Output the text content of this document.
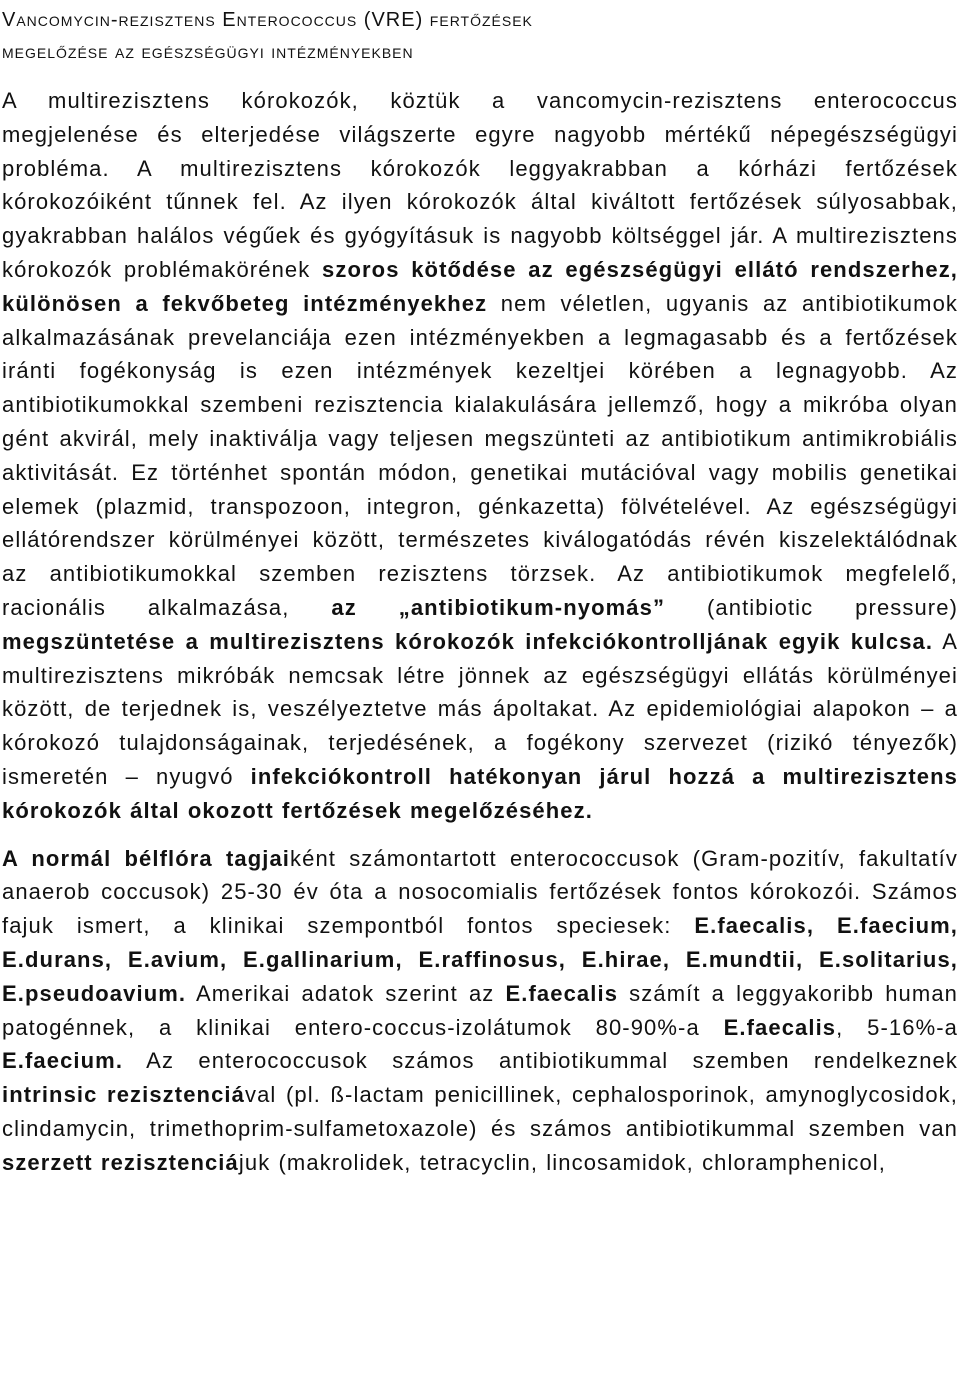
Vancomycin-rezisztens Enterococcus (VRE) fertőzések
megelőzése az egészségügyi intézményekben

A multirezisztens kórokozók, köztük a vancomycin-rezisztens enterococcus megjelenése és elterjedése világszerte egyre nagyobb mértékű népegészségügyi probléma. A multirezisztens kórokozók leggyakrabban a kórházi fertőzések kórokozóiként tűnnek fel. Az ilyen kórokozók által kiváltott fertőzések súlyosabbak, gyakrabban halálos végűek és gyógyításuk is nagyobb költséggel jár. A multirezisztens kórokozók problémakörének szoros kötődése az egészségügyi ellátó rendszerhez, különösen a fekvőbeteg intézményekhez nem véletlen, ugyanis az antibiotikumok alkalmazásának prevelanciája ezen intézményekben a legmagasabb és a fertőzések iránti fogékonyság is ezen intézmények kezeltjei körében a legnagyobb. Az antibiotikumokkal szembeni rezisztencia kialakulására jellemző, hogy a mikróba olyan gént akvirál, mely inaktiválja vagy teljesen megszünteti az antibiotikum antimikrobiális aktivitását. Ez történhet spontán módon, genetikai mutációval vagy mobilis genetikai elemek (plazmid, transpozoon, integron, génkazetta) fölvételével. Az egészségügyi ellátórendszer körülményei között, természetes kiválogatódás révén kiszelektálódnak az antibiotikumokkal szemben rezisztens törzsek. Az antibiotikumok megfelelő, racionális alkalmazása, az „antibiotikum-nyomás” (antibiotic pressure) megszüntetése a multirezisztens kórokozók infekciókontrolljának egyik kulcsa. A multirezisztens mikróbák nemcsak létre jönnek az egészségügyi ellátás körülményei között, de terjednek is, veszélyeztetve más ápoltakat. Az epidemiológiai alapokon – a kórokozó tulajdonságainak, terjedésének, a fogékony szervezet (rizikó tényezők) ismeretén – nyugvó infekciókontroll hatékonyan járul hozzá a multirezisztens kórokozók által okozott fertőzések megelőzéséhez.

A normál bélflóra tagjaiként számontartott enterococcusok (Gram-pozitív, fakultatív anaerob coccusok) 25-30 év óta a nosocomialis fertőzések fontos kórokozói. Számos fajuk ismert, a klinikai szempontból fontos speciesek: E.faecalis, E.faecium, E.durans, E.avium, E.gallinarium, E.raffinosus, E.hirae, E.mundtii, E.solitarius, E.pseudoavium. Amerikai adatok szerint az E.faecalis számít a leggyakoribb human patogénnek, a klinikai entero-coccus-izolátumok 80-90%-a E.faecalis, 5-16%-a E.faecium. Az enterococcusok számos antibiotikummal szemben rendelkeznek intrinsic rezisztenciával (pl. ß-lactam penicillinek, cephalosporinok, amynoglycosidok, clindamycin, trimethoprim-sulfametoxazole) és számos antibiotikummal szemben van szerzett rezisztenciájuk (makrolidek, tetracyclin, lincosamidok, chloramphenicol,
